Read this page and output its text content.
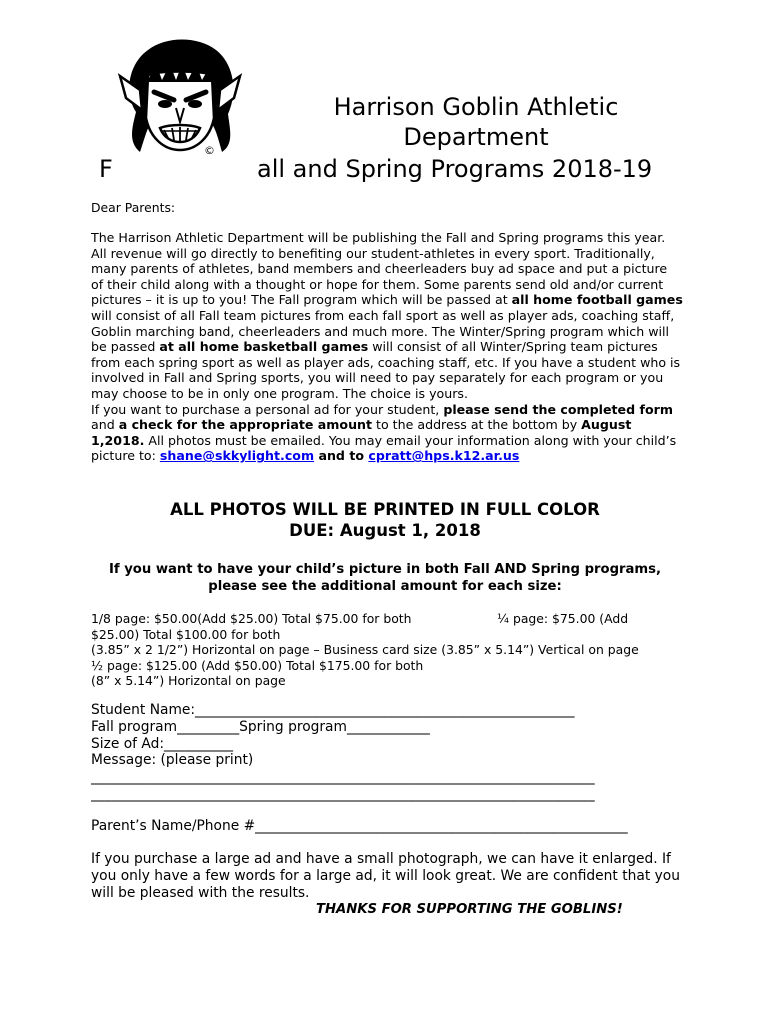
©
Harrison Goblin Athletic
Department
F	all and Spring Programs 2018-19
Dear Parents:
The Harrison Athletic Department will be publishing the Fall and Spring programs this year. All revenue will go directly to benefiting our student-athletes in every sport. Traditionally, many parents of athletes, band members and cheerleaders buy ad space and put a picture of their child along with a thought or hope for them. Some parents send old and/or current pictures – it is up to you! The Fall program which will be passed at all home football games will consist of all Fall team pictures from each fall sport as well as player ads, coaching staff, Goblin marching band, cheerleaders and much more. The Winter/Spring program which will be passed at all home basketball games will consist of all Winter/Spring team pictures from each spring sport as well as player ads, coaching staff, etc. If you have a student who is involved in Fall and Spring sports, you will need to pay separately for each program or you may choose to be in only one program. The choice is yours.
If you want to purchase a personal ad for your student, please send the completed form and a check for the appropriate amount to the address at the bottom by August 1,2018. All photos must be emailed. You may email your information along with your child’s picture to: shane@skkylight.com and to cpratt@hps.k12.ar.us
ALL PHOTOS WILL BE PRINTED IN FULL COLOR
DUE: August 1, 2018
If you want to have your child’s picture in both Fall AND Spring programs,
please see the additional amount for each size:
1/8 page: $50.00(Add $25.00) Total $75.00 for both	¼ page: $75.00 (Add
$25.00) Total $100.00 for both
(3.85” x 2 1/2”) Horizontal on page – Business card size (3.85” x 5.14”) Vertical on page
½ page: $125.00 (Add $50.00) Total $175.00 for both
(8” x 5.14”) Horizontal on page
Student Name:_______________________________________________________
Fall program_________Spring program____________
Size of Ad:__________
Message: (please print)
_________________________________________________________________________
_________________________________________________________________________
Parent’s Name/Phone #______________________________________________________
If you purchase a large ad and have a small photograph, we can have it enlarged. If you only have a few words for a large ad, it will look great. We are confident that you will be pleased with the results.
THANKS FOR SUPPORTING THE GOBLINS!
